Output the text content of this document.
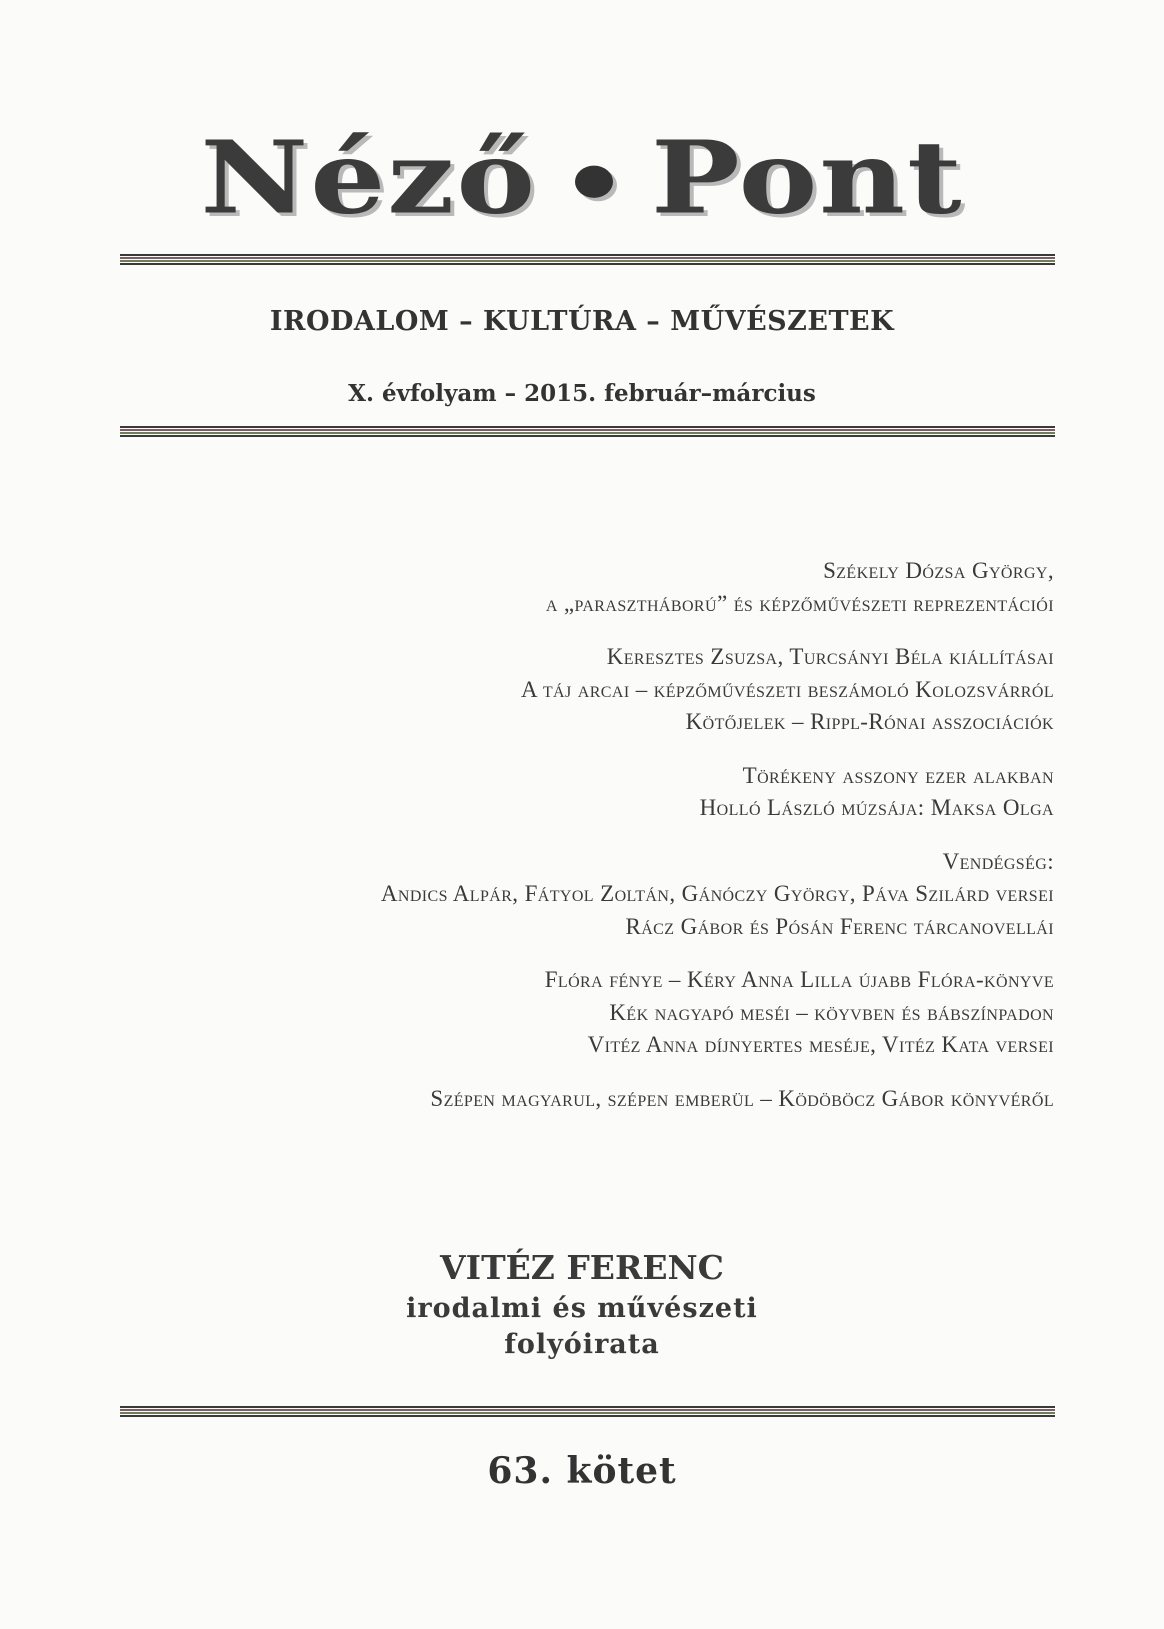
Néző Pont
IRODALOM – KULTÚRA – MŰVÉSZETEK
X. évfolyam – 2015. február–március
Székely Dózsa György,
a „parasztháború” és képzőművészeti reprezentációi
Keresztes Zsuzsa, Turcsányi Béla kiállításai
A táj arcai – képzőművészeti beszámoló Kolozsvárról
Kötőjelek – Rippl-Rónai asszociációk
Törékeny asszony ezer alakban
Holló László múzsája: Maksa Olga
Vendégség:
Andics Alpár, Fátyol Zoltán, Gánóczy György, Páva Szilárd versei
Rácz Gábor és Pósán Ferenc tárcanovellái
Flóra fénye – Kéry Anna Lilla újabb Flóra-könyve
Kék nagyapó meséi – köyvben és bábszínpadon
Vitéz Anna díjnyertes meséje, Vitéz Kata versei
Szépen magyarul, szépen emberül – Ködöböcz Gábor könyvéről
VITÉZ FERENC
irodalmi és művészeti
folyóirata
63. kötet
